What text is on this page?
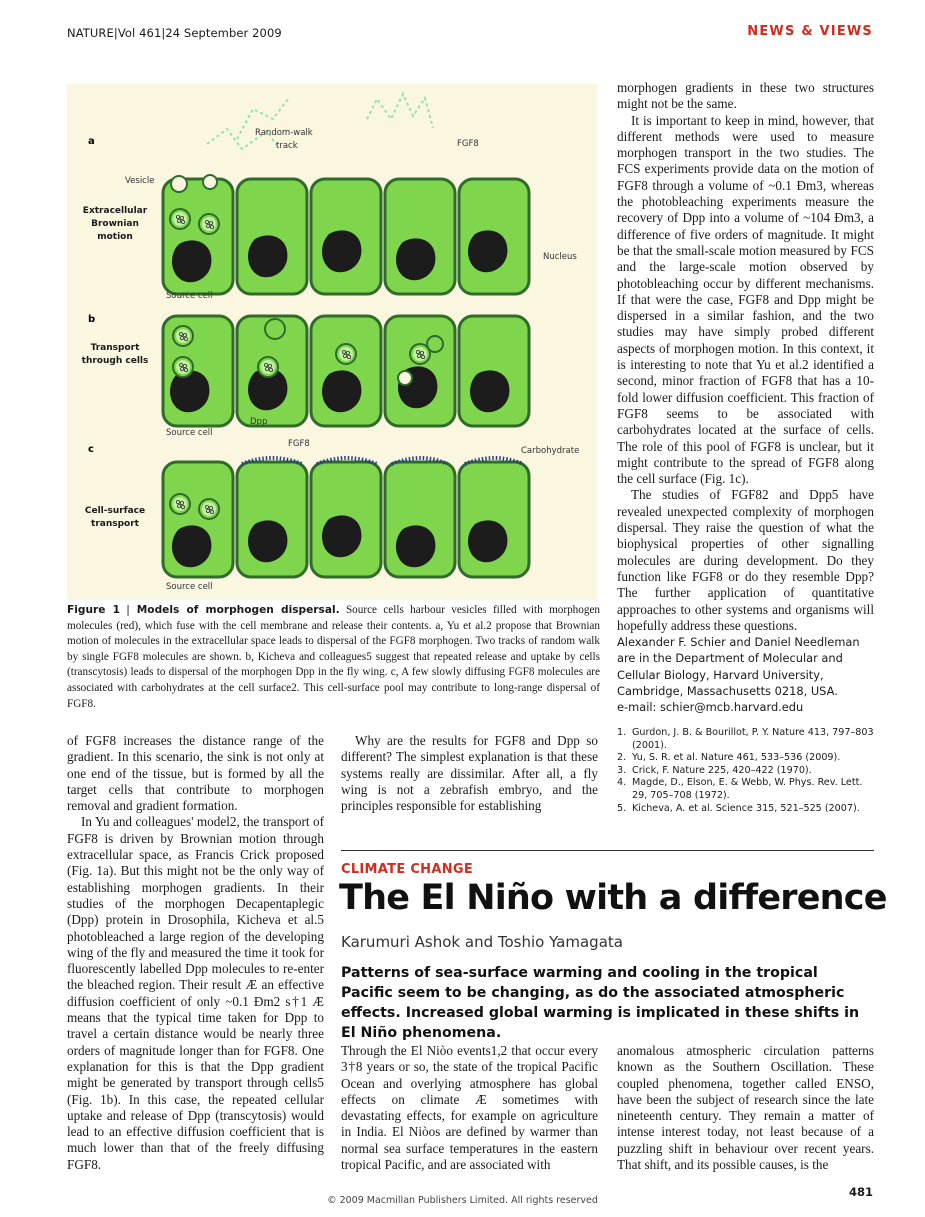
NATURE|Vol 461|24 September 2009	NEWS & VIEWS
a
b
c
Random-walk
track	FGF8
Vesicle
Nucleus
Source cell
Dpp
Source cell
FGF8
Carbohydrate
Source cell
Extracellular Brownian motion
Transport through cells
Cell-surface transport
Figure 1 | Models of morphogen dispersal. Source cells harbour vesicles filled with morphogen molecules (red), which fuse with the cell membrane and release their contents. a, Yu et al.2 propose that Brownian motion of molecules in the extracellular space leads to dispersal of the FGF8 morphogen. Two tracks of random walk by single FGF8 molecules are shown. b, Kicheva and colleagues5 suggest that repeated release and uptake by cells (transcytosis) leads to dispersal of the morphogen Dpp in the fly wing. c, A few slowly diffusing FGF8 molecules are associated with carbohydrates at the cell surface2. This cell-surface pool may contribute to long-range dispersal of FGF8.

morphogen gradients in these two structures might not be the same.

It is important to keep in mind, however, that different methods were used to measure morphogen transport in the two studies. The FCS experiments provide data on the motion of FGF8 through a volume of ~0.1 Ðm3, whereas the photobleaching experiments measure the recovery of Dpp into a volume of ~104 Ðm3, a difference of five orders of magnitude. It might be that the small-scale motion measured by FCS and the large-scale motion observed by photobleaching occur by different mechanisms. If that were the case, FGF8 and Dpp might be dispersed in a similar fashion, and the two studies may have simply probed different aspects of morphogen motion. In this context, it is interesting to note that Yu et al.2 identified a second, minor fraction of FGF8 that has a 10-fold lower diffusion coefficient. This fraction of FGF8 seems to be associated with carbohydrates located at the surface of cells. The role of this pool of FGF8 is unclear, but it might contribute to the spread of FGF8 along the cell surface (Fig. 1c).

The studies of FGF82 and Dpp5 have revealed unexpected complexity of morphogen dispersal. They raise the question of what the biophysical properties of other signalling molecules are during development. Do they function like FGF8 or do they resemble Dpp? The further application of quantitative approaches to other systems and organisms will hopefully address these questions.

Alexander F. Schier and Daniel Needleman are in the Department of Molecular and Cellular Biology, Harvard University, Cambridge, Massachusetts 0218, USA.
e-mail: schier@mcb.harvard.edu
1. Gurdon, J. B. & Bourillot, P. Y. Nature 413, 797–803 (2001).
2. Yu, S. R. et al. Nature 461, 533–536 (2009).
3. Crick, F. Nature 225, 420–422 (1970).
4. Magde, D., Elson, E. & Webb, W. Phys. Rev. Lett. 29, 705–708 (1972).
5. Kicheva, A. et al. Science 315, 521–525 (2007).

of FGF8 increases the distance range of the gradient. In this scenario, the sink is not only at one end of the tissue, but is formed by all the target cells that contribute to morphogen removal and gradient formation.

In Yu and colleagues' model2, the transport of FGF8 is driven by Brownian motion through extracellular space, as Francis Crick proposed (Fig. 1a). But this might not be the only way of establishing morphogen gradients. In their studies of the morphogen Decapentaplegic (Dpp) protein in Drosophila, Kicheva et al.5 photobleached a large region of the developing wing of the fly and measured the time it took for fluorescently labelled Dpp molecules to re-enter the bleached region. Their result Æ an effective diffusion coefficient of only ~0.1 Ðm2 s†1 Æ means that the typical time taken for Dpp to travel a certain distance would be nearly three orders of magnitude longer than for FGF8. One explanation for this is that the Dpp gradient might be generated by transport through cells5 (Fig. 1b). In this case, the repeated cellular uptake and release of Dpp (transcytosis) would lead to an effective diffusion coefficient that is much lower than that of the freely diffusing FGF8.

Why are the results for FGF8 and Dpp so different? The simplest explanation is that these systems really are dissimilar. After all, a fly wing is not a zebrafish embryo, and the principles responsible for establishing

CLIMATE CHANGE
The El Niño with a difference
Karumuri Ashok and Toshio Yamagata
Patterns of sea-surface warming and cooling in the tropical Pacific seem to be changing, as do the associated atmospheric effects. Increased global warming is implicated in these shifts in El Niño phenomena.
Through the El Niòo events1,2 that occur every 3†8 years or so, the state of the tropical Pacific Ocean and overlying atmosphere has global effects on climate Æ sometimes with devastating effects, for example on agriculture in India. El Niòos are defined by warmer than normal sea surface temperatures in the eastern tropical Pacific, and are associated with
anomalous atmospheric circulation patterns known as the Southern Oscillation. These coupled phenomena, together called ENSO, have been the subject of research since the late nineteenth century. They remain a matter of intense interest today, not least because of a puzzling shift in behaviour over recent years. That shift, and its possible causes, is the
© 2009 Macmillan Publishers Limited. All rights reserved
481
